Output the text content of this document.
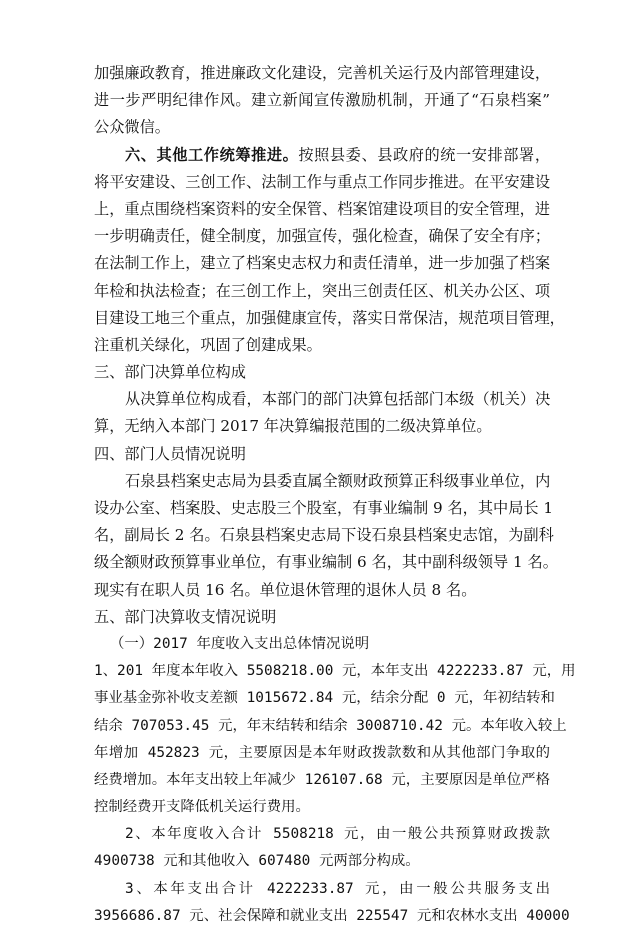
加强廉政教育，推进廉政文化建设，完善机关运行及内部管理建设，
进一步严明纪律作风。建立新闻宣传激励机制，开通了“石泉档案”
公众微信。
六、其他工作统筹推进。按照县委、县政府的统一安排部署，
将平安建设、三创工作、法制工作与重点工作同步推进。在平安建设
上，重点围绕档案资料的安全保管、档案馆建设项目的安全管理，进
一步明确责任，健全制度，加强宣传，强化检查，确保了安全有序；
在法制工作上，建立了档案史志权力和责任清单，进一步加强了档案
年检和执法检查；在三创工作上，突出三创责任区、机关办公区、项
目建设工地三个重点，加强健康宣传，落实日常保洁，规范项目管理，
注重机关绿化，巩固了创建成果。
三、部门决算单位构成
从决算单位构成看，本部门的部门决算包括部门本级（机关）决
算，无纳入本部门 2017 年决算编报范围的二级决算单位。
四、部门人员情况说明
石泉县档案史志局为县委直属全额财政预算正科级事业单位，内
设办公室、档案股、史志股三个股室，有事业编制 9 名，其中局长 1
名，副局长 2 名。石泉县档案史志局下设石泉县档案史志馆，为副科
级全额财政预算事业单位，有事业编制 6 名，其中副科级领导 1 名。
现实有在职人员 16 名。单位退休管理的退休人员 8 名。
五、部门决算收支情况说明
（一）2017 年度收入支出总体情况说明
1、201 年度本年收入 5508218.00 元，本年支出 4222233.87 元，用
事业基金弥补收支差额 1015672.84 元，结余分配 0 元，年初结转和
结余 707053.45 元，年末结转和结余 3008710.42 元。本年收入较上
年增加 452823 元，主要原因是本年财政拨款数和从其他部门争取的
经费增加。本年支出较上年减少 126107.68 元，主要原因是单位严格
控制经费开支降低机关运行费用。
2、本年度收入合计 5508218 元，由一般公共预算财政拨款
4900738 元和其他收入 607480 元两部分构成。
3、本年支出合计 4222233.87 元，由一般公共服务支出
3956686.87 元、社会保障和就业支出 225547 元和农林水支出 40000
